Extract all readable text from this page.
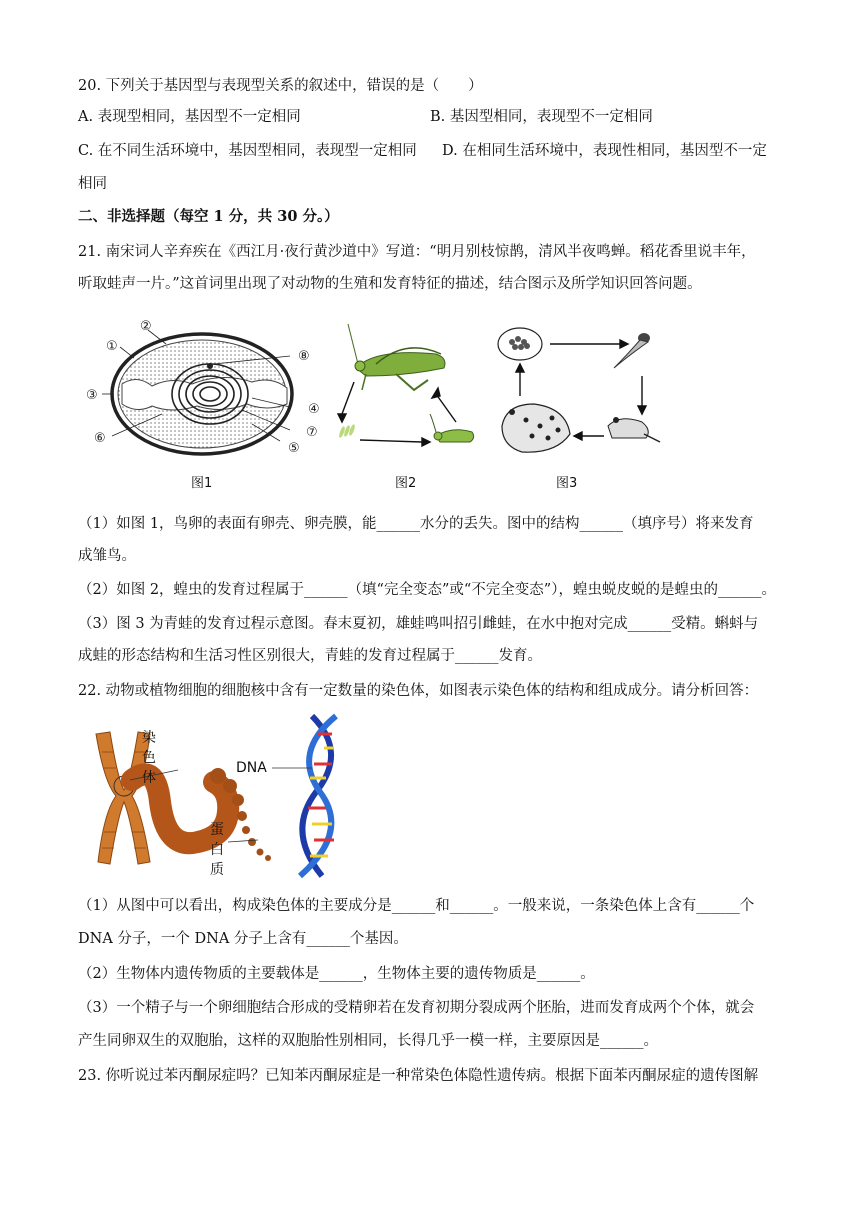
20. 下列关于基因型与表现型关系的叙述中，错误的是（　　）
A. 表现型相同，基因型不一定相同	B. 基因型相同，表现型不一定相同
C. 在不同生活环境中，基因型相同，表现型一定相同 D. 在相同生活环境中，表现性相同，基因型不一定
相同
二、非选择题（每空 1 分，共 30 分。）
21. 南宋词人辛弃疾在《西江月·夜行黄沙道中》写道：“明月别枝惊鹊，清风半夜鸣蝉。稻花香里说丰年，
听取蛙声一片。”这首词里出现了对动物的生殖和发育特征的描述，结合图示及所学知识回答问题。
①
②
③
④
⑤
⑥	⑦
⑧
图1	图2	图3
（1）如图 1，鸟卵的表面有卵壳、卵壳膜，能______水分的丢失。图中的结构______（填序号）将来发育
成雏鸟。
（2）如图 2，蝗虫的发育过程属于______（填“完全变态”或“不完全变态”），蝗虫蜕皮蜕的是蝗虫的______。
（3）图 3 为青蛙的发育过程示意图。春末夏初，雄蛙鸣叫招引雌蛙，在水中抱对完成______受精。蝌蚪与
成蛙的形态结构和生活习性区别很大，青蛙的发育过程属于______发育。
22. 动物或植物细胞的细胞核中含有一定数量的染色体，如图表示染色体的结构和组成成分。请分析回答：
染
色
体
DNA
蛋
白
质
（1）从图中可以看出，构成染色体的主要成分是______和______。一般来说，一条染色体上含有______个
DNA 分子，一个 DNA 分子上含有______个基因。
（2）生物体内遗传物质的主要载体是______，生物体主要的遗传物质是______。
（3）一个精子与一个卵细胞结合形成的受精卵若在发育初期分裂成两个胚胎，进而发育成两个个体，就会
产生同卵双生的双胞胎，这样的双胞胎性别相同，长得几乎一模一样，主要原因是______。
23. 你听说过苯丙酮尿症吗？已知苯丙酮尿症是一种常染色体隐性遗传病。根据下面苯丙酮尿症的遗传图解
